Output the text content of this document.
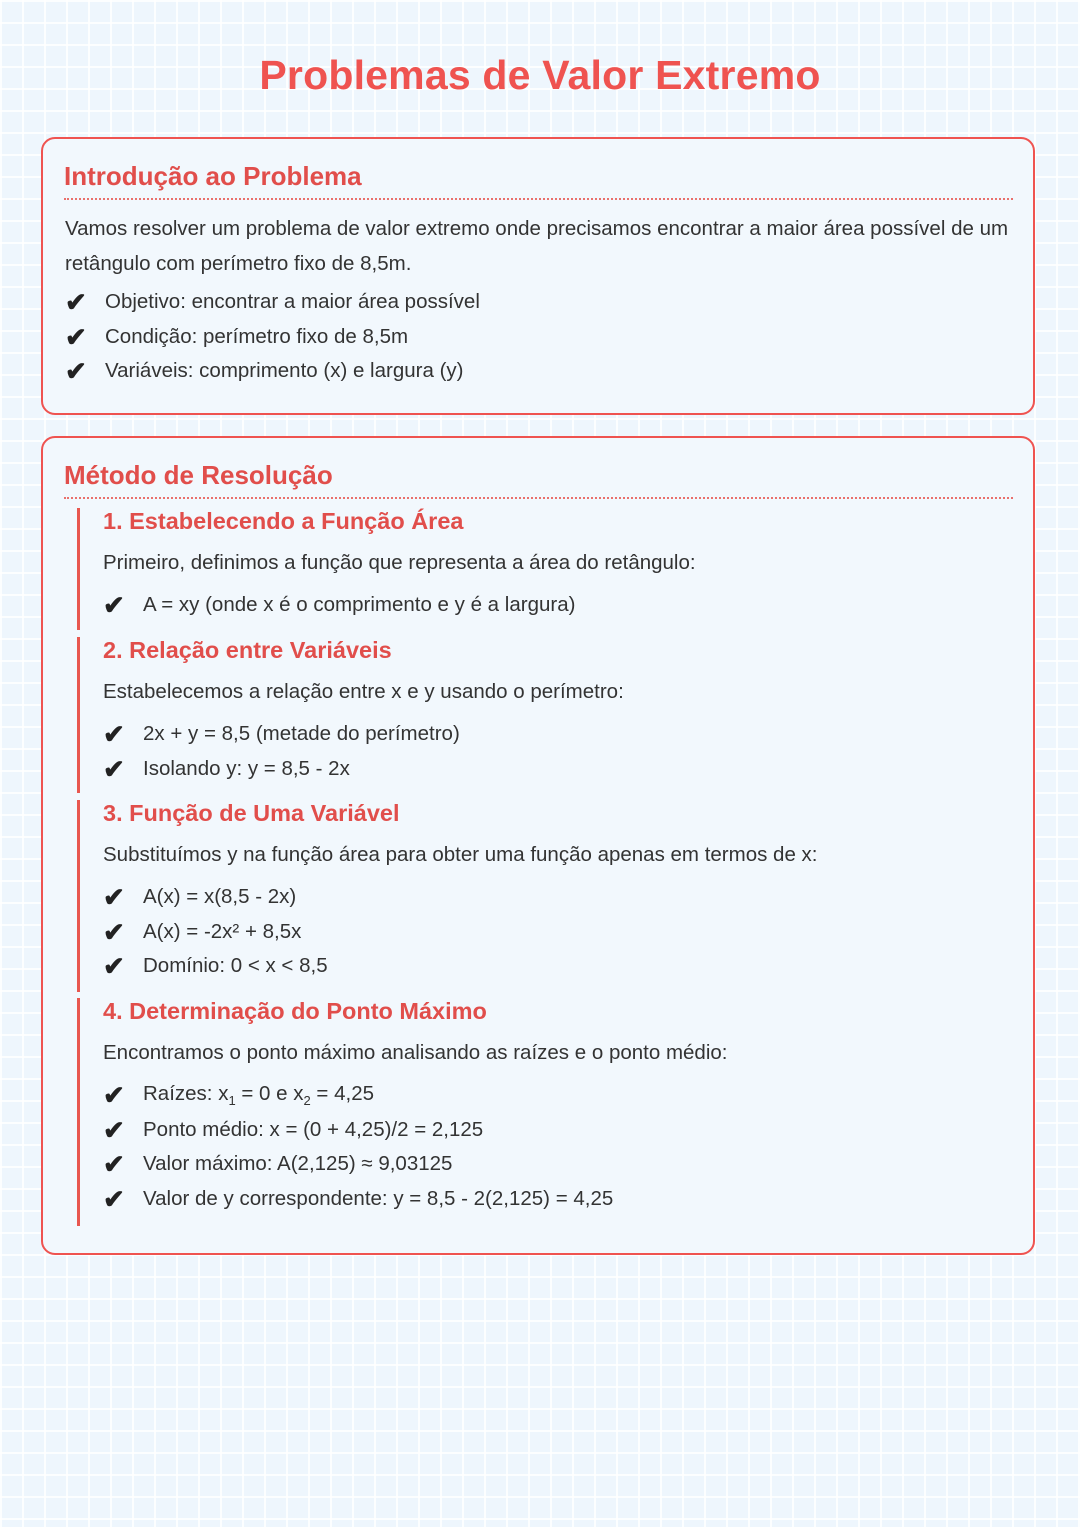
Problemas de Valor Extremo
Introdução ao Problema
Vamos resolver um problema de valor extremo onde precisamos encontrar a maior área possível de um retângulo com perímetro fixo de 8,5m.
✔ Objetivo: encontrar a maior área possível
✔ Condição: perímetro fixo de 8,5m
✔ Variáveis: comprimento (x) e largura (y)
Método de Resolução
1. Estabelecendo a Função Área
Primeiro, definimos a função que representa a área do retângulo:
✔ A = xy (onde x é o comprimento e y é a largura)
2. Relação entre Variáveis
Estabelecemos a relação entre x e y usando o perímetro:
✔ 2x + y = 8,5 (metade do perímetro)
✔ Isolando y: y = 8,5 - 2x
3. Função de Uma Variável
Substituímos y na função área para obter uma função apenas em termos de x:
✔ A(x) = x(8,5 - 2x)
✔ A(x) = -2x² + 8,5x
✔ Domínio: 0 < x < 8,5
4. Determinação do Ponto Máximo
Encontramos o ponto máximo analisando as raízes e o ponto médio:
✔ Raízes: $x_1 = 0$ e $x_2 = 4,25$
✔ Ponto médio: x = (0 + 4,25)/2 = 2,125
✔ Valor máximo: A(2,125) ≈ 9,03125
✔ Valor de y correspondente: y = 8,5 - 2(2,125) = 4,25
